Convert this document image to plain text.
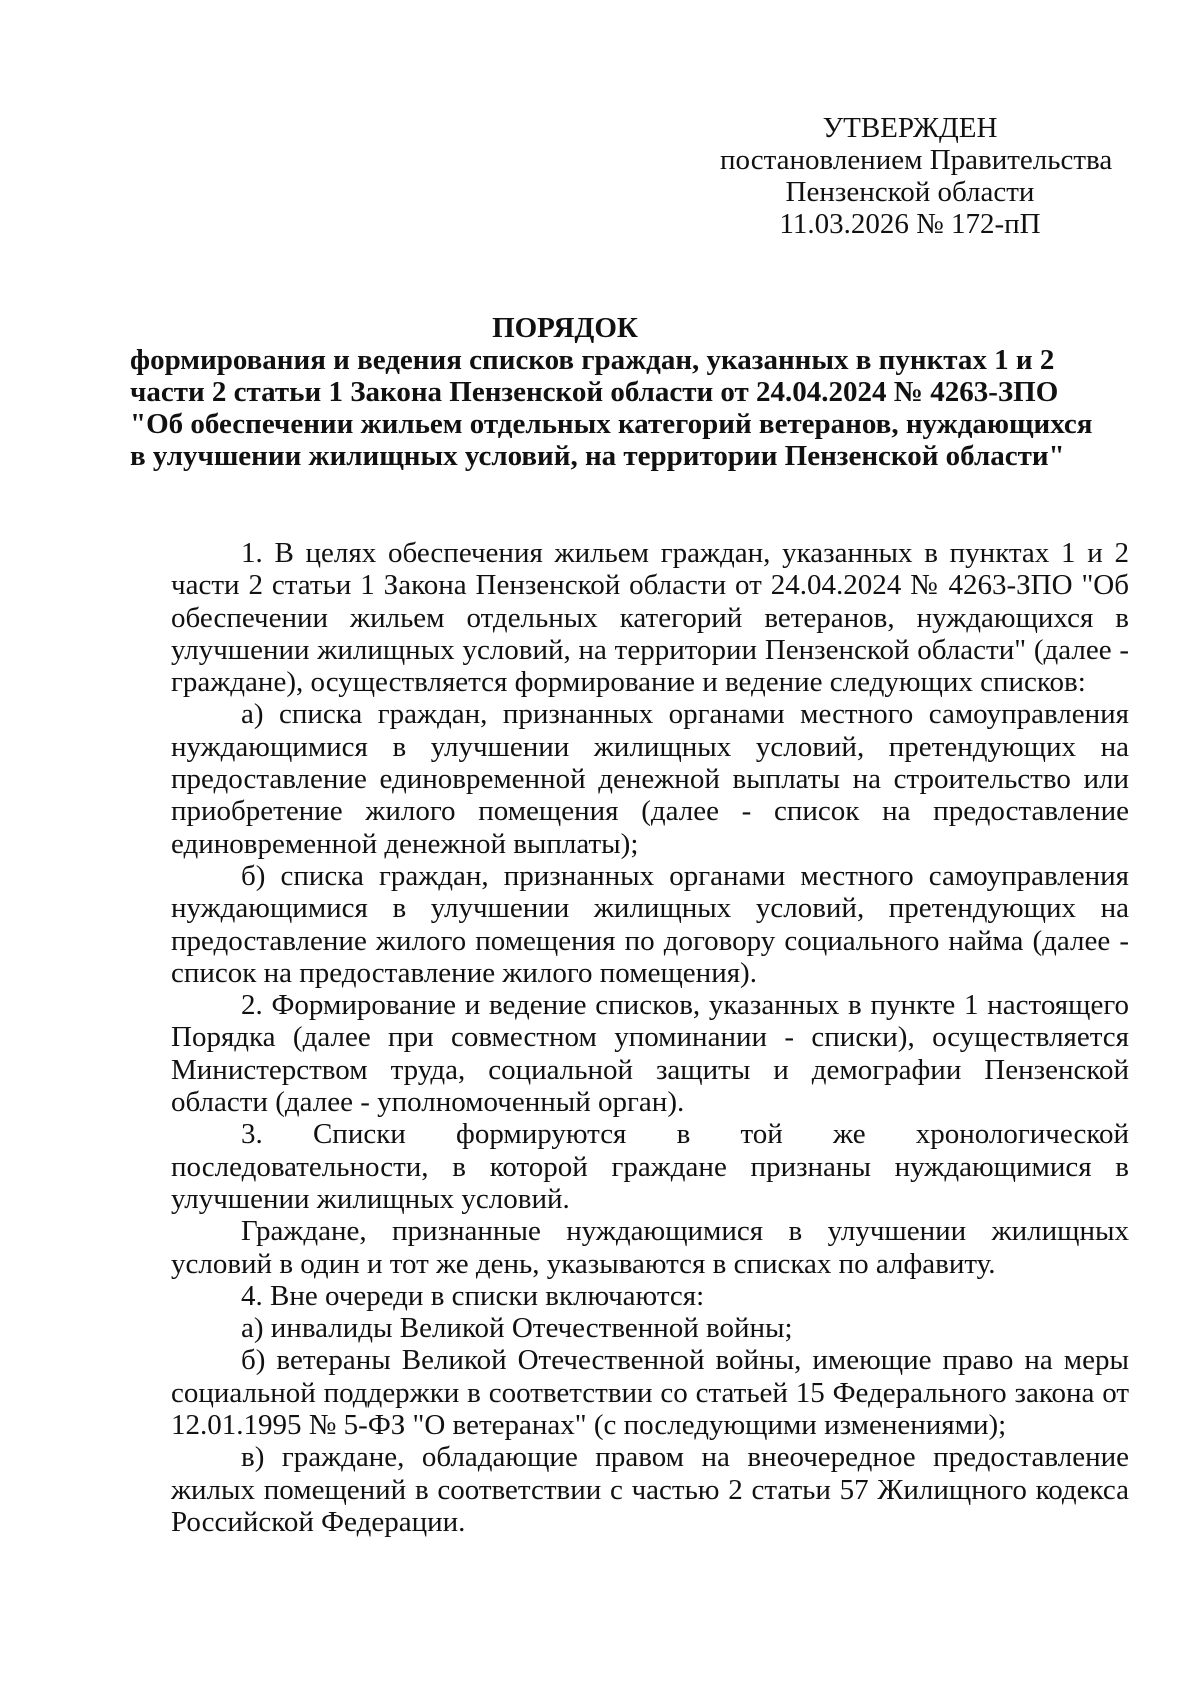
УТВЕРЖДЕН
постановлением Правительства
Пензенской области
11.03.2026 № 172-пП
ПОРЯДОК
формирования и ведения списков граждан, указанных в пунктах 1 и 2
части 2 статьи 1 Закона Пензенской области от 24.04.2024 № 4263-ЗПО
"Об обеспечении жильем отдельных категорий ветеранов, нуждающихся
в улучшении жилищных условий, на территории Пензенской области"

1. В целях обеспечения жильем граждан, указанных в пунктах 1 и 2 части 2 статьи 1 Закона Пензенской области от 24.04.2024 № 4263-ЗПО "Об обеспечении жильем отдельных категорий ветеранов, нуждающихся в улучшении жилищных условий, на территории Пензенской области" (далее - граждане), осуществляется формирование и ведение следующих списков:

а) списка граждан, признанных органами местного самоуправления нуждающимися в улучшении жилищных условий, претендующих на предоставление единовременной денежной выплаты на строительство или приобретение жилого помещения (далее - список на предоставление единовременной денежной выплаты);

б) списка граждан, признанных органами местного самоуправления нуждающимися в улучшении жилищных условий, претендующих на предоставление жилого помещения по договору социального найма (далее - список на предоставление жилого помещения).

2. Формирование и ведение списков, указанных в пункте 1 настоящего Порядка (далее при совместном упоминании - списки), осуществляется Министерством труда, социальной защиты и демографии Пензенской области (далее - уполномоченный орган).

3. Списки формируются в той же хронологической последовательности, в которой граждане признаны нуждающимися в улучшении жилищных условий.

Граждане, признанные нуждающимися в улучшении жилищных условий в один и тот же день, указываются в списках по алфавиту.

4. Вне очереди в списки включаются:

а) инвалиды Великой Отечественной войны;

б) ветераны Великой Отечественной войны, имеющие право на меры социальной поддержки в соответствии со статьей 15 Федерального закона от 12.01.1995 № 5-ФЗ "О ветеранах" (с последующими изменениями);

в) граждане, обладающие правом на внеочередное предоставление жилых помещений в соответствии с частью 2 статьи 57 Жилищного кодекса Российской Федерации.
